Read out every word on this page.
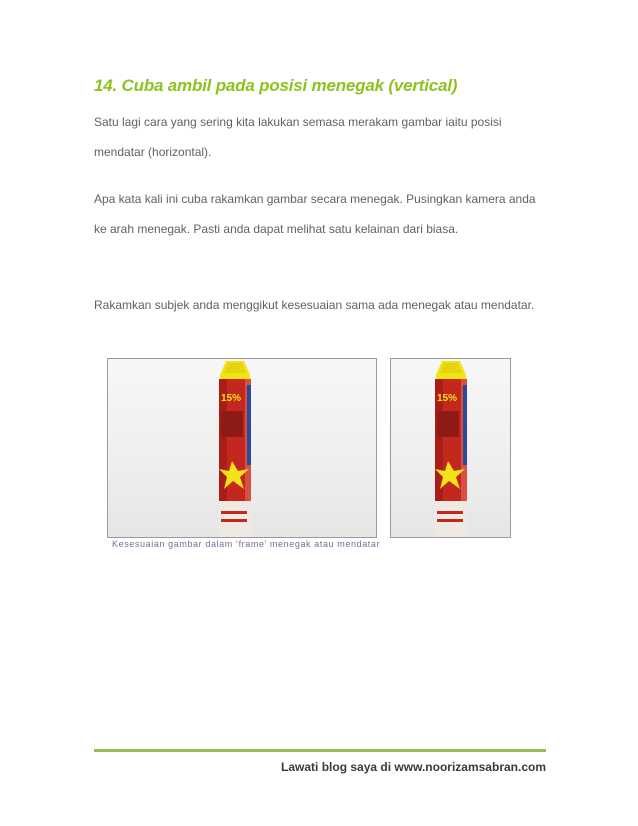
14. Cuba ambil pada posisi menegak (vertical)

Satu lagi cara yang sering kita lakukan semasa merakam gambar iaitu posisi mendatar (horizontal).

Apa kata kali ini cuba rakamkan gambar secara menegak. Pusingkan kamera anda ke arah menegak. Pasti anda dapat melihat satu kelainan dari biasa.

Rakamkan subjek anda menggikut kesesuaian sama ada menegak atau mendatar.

15%	15%
Kesesuaian gambar dalam ‘frame’ menegak atau mendatar
Lawati blog saya di www.noorizamsabran.com
